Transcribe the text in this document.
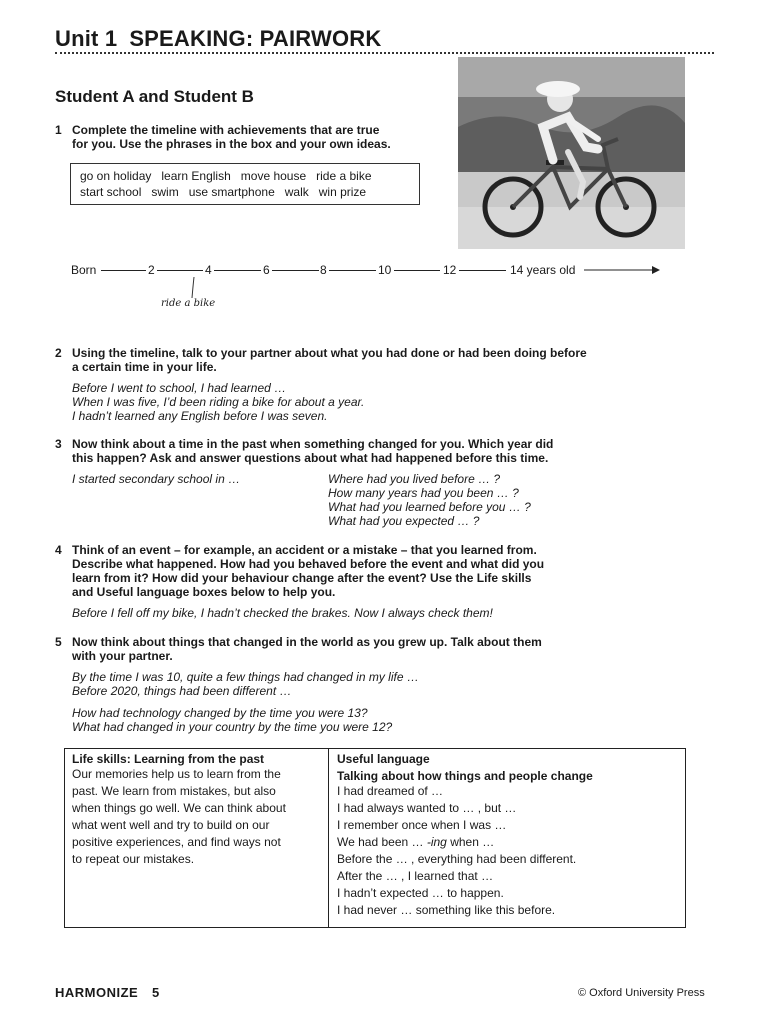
Unit 1 SPEAKING: PAIRWORK
Student A and Student B
1 Complete the timeline with achievements that are true
for you. Use the phrases in the box and your own ideas.
go on holiday   learn English   move house   ride a bike
start school   swim   use smartphone   walk   win prize
Born	2	4	6	8	10	12	14 years old
ride a bike
2 Using the timeline, talk to your partner about what you had done or had been doing before
a certain time in your life.
Before I went to school, I had learned …
When I was five, I’d been riding a bike for about a year.
I hadn’t learned any English before I was seven.
3 Now think about a time in the past when something changed for you. Which year did
this happen? Ask and answer questions about what had happened before this time.
I started secondary school in …	Where had you lived before … ?
How many years had you been … ?
What had you learned before you … ?
What had you expected … ?
4 Think of an event – for example, an accident or a mistake – that you learned from.
Describe what happened. How had you behaved before the event and what did you
learn from it? How did your behaviour change after the event? Use the Life skills
and Useful language boxes below to help you.
Before I fell off my bike, I hadn’t checked the brakes. Now I always check them!
5 Now think about things that changed in the world as you grew up. Talk about them
with your partner.
By the time I was 10, quite a few things had changed in my life …
Before 2020, things had been different …
How had technology changed by the time you were 13?
What had changed in your country by the time you were 12?
Life skills: Learning from the past
Our memories help us to learn from the
past. We learn from mistakes, but also
when things go well. We can think about
what went well and try to build on our
positive experiences, and find ways not
to repeat our mistakes.
Useful language
Talking about how things and people change
I had dreamed of …
I had always wanted to … , but …
I remember once when I was …
We had been … -ing when …
Before the … , everything had been different.
After the … , I learned that …
I hadn’t expected … to happen.
I had never … something like this before.
HARMONIZE 5	© Oxford University Press
